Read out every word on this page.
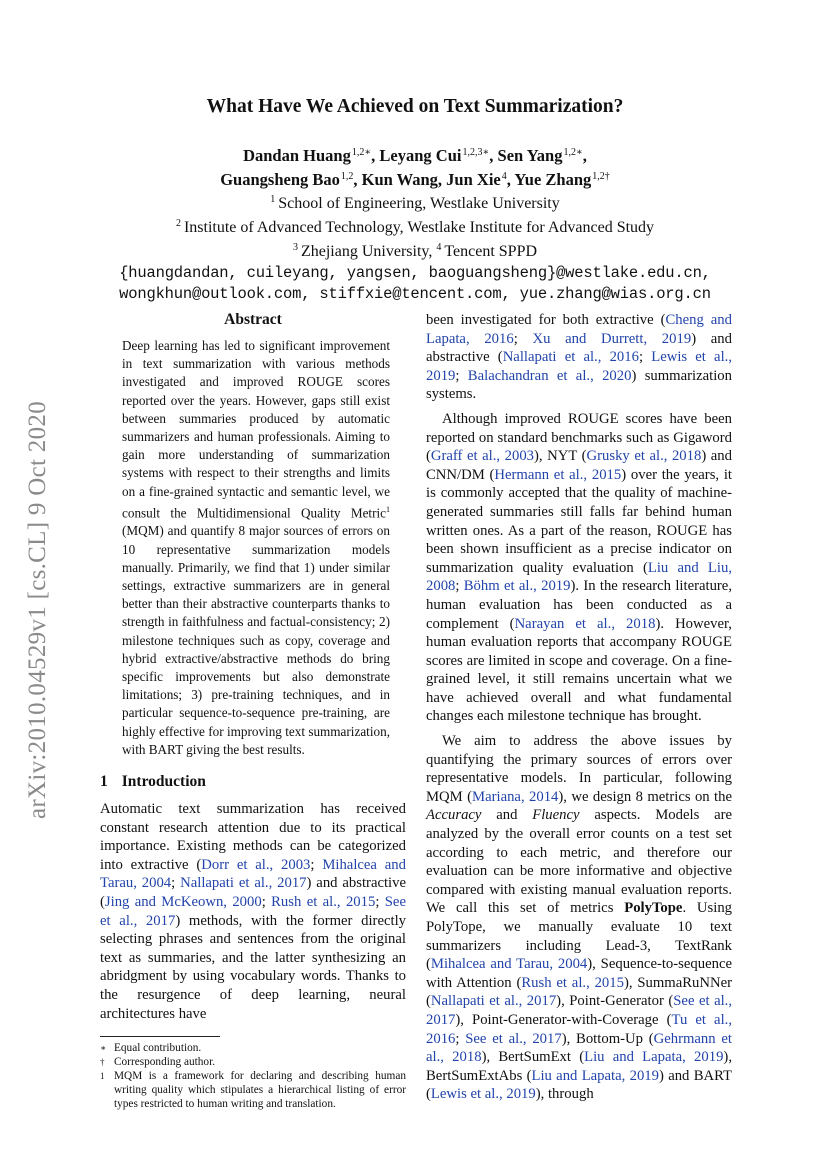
arXiv:2010.04529v1 [cs.CL] 9 Oct 2020
What Have We Achieved on Text Summarization?
Dandan Huang$^{1,2∗}$, Leyang Cui$^{1,2,3∗}$, Sen Yang$^{1,2∗}$,
Guangsheng Bao$^{1,2}$, Kun Wang, Jun Xie$^4$, Yue Zhang$^{1,2\dagger}$
$^1$ School of Engineering, Westlake University
$^2$ Institute of Advanced Technology, Westlake Institute for Advanced Study
$^3$ Zhejiang University, $^4$ Tencent SPPD
{huangdandan, cuileyang, yangsen, baoguangsheng}@westlake.edu.cn,
wongkhun@outlook.com, stiffxie@tencent.com, yue.zhang@wias.org.cn
Abstract
Deep learning has led to significant improvement in text summarization with various methods investigated and improved ROUGE scores reported over the years. However, gaps still exist between summaries produced by automatic summarizers and human professionals. Aiming to gain more understanding of summarization systems with respect to their strengths and limits on a fine-grained syntactic and semantic level, we consult the Multidimensional Quality Metric$^1$ (MQM) and quantify 8 major sources of errors on 10 representative summarization models manually. Primarily, we find that 1) under similar settings, extractive summarizers are in general better than their abstractive counterparts thanks to strength in faithfulness and factual-consistency; 2) milestone techniques such as copy, coverage and hybrid extractive/abstractive methods do bring specific improvements but also demonstrate limitations; 3) pre-training techniques, and in particular sequence-to-sequence pre-training, are highly effective for improving text summarization, with BART giving the best results.
1 Introduction
Automatic text summarization has received constant research attention due to its practical importance. Existing methods can be categorized into extractive (Dorr et al., 2003; Mihalcea and Tarau, 2004; Nallapati et al., 2017) and abstractive (Jing and McKeown, 2000; Rush et al., 2015; See et al., 2017) methods, with the former directly selecting phrases and sentences from the original text as summaries, and the latter synthesizing an abridgment by using vocabulary words. Thanks to the resurgence of deep learning, neural architectures have
∗ Equal contribution.
† Corresponding author.
1 MQM is a framework for declaring and describing human writing quality which stipulates a hierarchical listing of error types restricted to human writing and translation.
been investigated for both extractive (Cheng and Lapata, 2016; Xu and Durrett, 2019) and abstractive (Nallapati et al., 2016; Lewis et al., 2019; Balachandran et al., 2020) summarization systems.
Although improved ROUGE scores have been reported on standard benchmarks such as Gigaword (Graff et al., 2003), NYT (Grusky et al., 2018) and CNN/DM (Hermann et al., 2015) over the years, it is commonly accepted that the quality of machine-generated summaries still falls far behind human written ones. As a part of the reason, ROUGE has been shown insufficient as a precise indicator on summarization quality evaluation (Liu and Liu, 2008; Böhm et al., 2019). In the research literature, human evaluation has been conducted as a complement (Narayan et al., 2018). However, human evaluation reports that accompany ROUGE scores are limited in scope and coverage. On a fine-grained level, it still remains uncertain what we have achieved overall and what fundamental changes each milestone technique has brought.
We aim to address the above issues by quantifying the primary sources of errors over representative models. In particular, following MQM (Mariana, 2014), we design 8 metrics on the Accuracy and Fluency aspects. Models are analyzed by the overall error counts on a test set according to each metric, and therefore our evaluation can be more informative and objective compared with existing manual evaluation reports. We call this set of metrics PolyTope. Using PolyTope, we manually evaluate 10 text summarizers including Lead-3, TextRank (Mihalcea and Tarau, 2004), Sequence-to-sequence with Attention (Rush et al., 2015), SummaRuNNer (Nallapati et al., 2017), Point-Generator (See et al., 2017), Point-Generator-with-Coverage (Tu et al., 2016; See et al., 2017), Bottom-Up (Gehrmann et al., 2018), BertSumExt (Liu and Lapata, 2019), BertSumExtAbs (Liu and Lapata, 2019) and BART (Lewis et al., 2019), through
